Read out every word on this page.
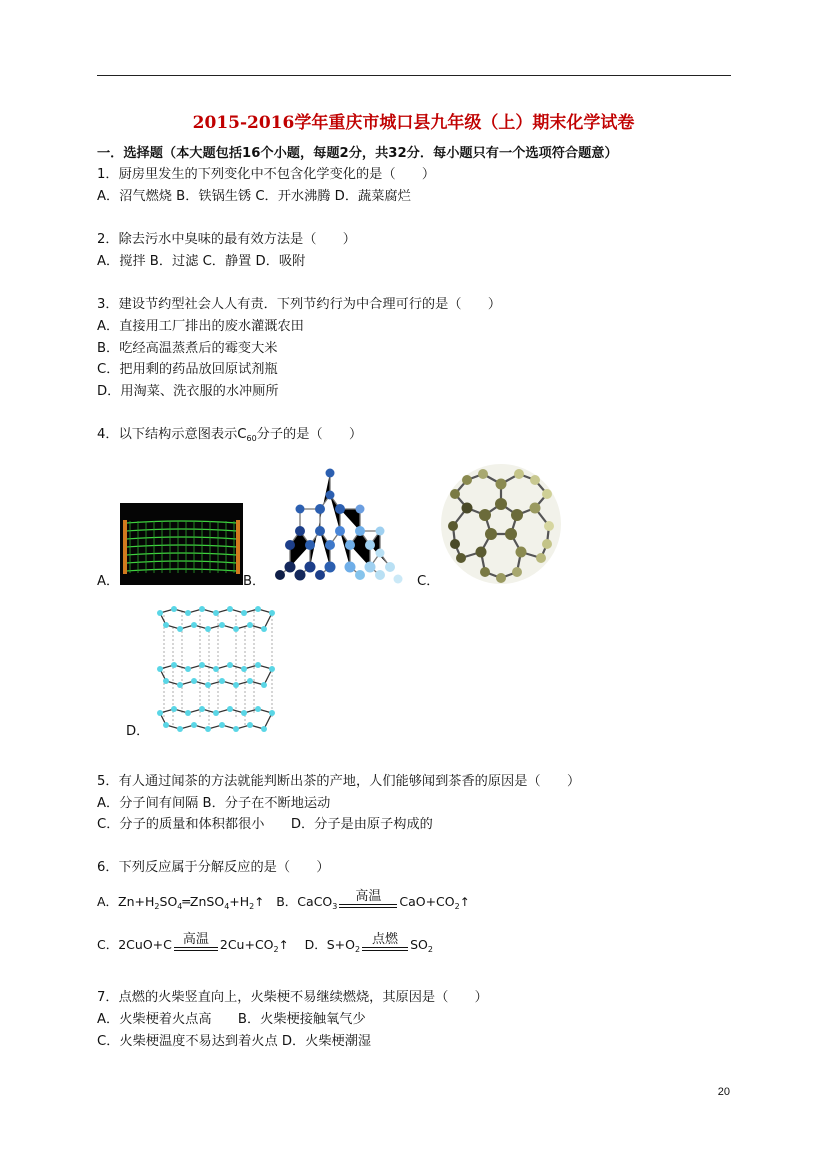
2015-2016学年重庆市城口县九年级（上）期末化学试卷
一．选择题（本大题包括16个小题，每题2分，共32分．每小题只有一个选项符合题意）
1．厨房里发生的下列变化中不包含化学变化的是（　　）
A．沼气燃烧 B．铁锅生锈 C．开水沸腾 D．蔬菜腐烂
2．除去污水中臭味的最有效方法是（　　）
A．搅拌 B．过滤 C．静置 D．吸附
3．建设节约型社会人人有责．下列节约行为中合理可行的是（　　）
A．直接用工厂排出的废水灌溉农田
B．吃经高温蒸煮后的霉变大米
C．把用剩的药品放回原试剂瓶
D．用淘菜、洗衣服的水冲厕所
4．以下结构示意图表示$C_{60}$分子的是（　　）
A．	B．	C．
D．
5．有人通过闻茶的方法就能判断出茶的产地，人们能够闻到茶香的原因是（　　）
A．分子间有间隔 B．分子在不断地运动
C．分子的质量和体积都很小　　D．分子是由原子构成的
6．下列反应属于分解反应的是（　　）
A．$Zn+H_2SO_4═ZnSO_4+H_2↑$ B．CaCO$_3$
高温	$CaO+CO_2↑$
C．2CuO+C 高温 $2Cu+CO_2↑$ D．$S+O_2$
点燃 $SO_2$
7．点燃的火柴竖直向上，火柴梗不易继续燃烧，其原因是（　　）
A．火柴梗着火点高　　B．火柴梗接触氧气少
C．火柴梗温度不易达到着火点 D．火柴梗潮湿
20
